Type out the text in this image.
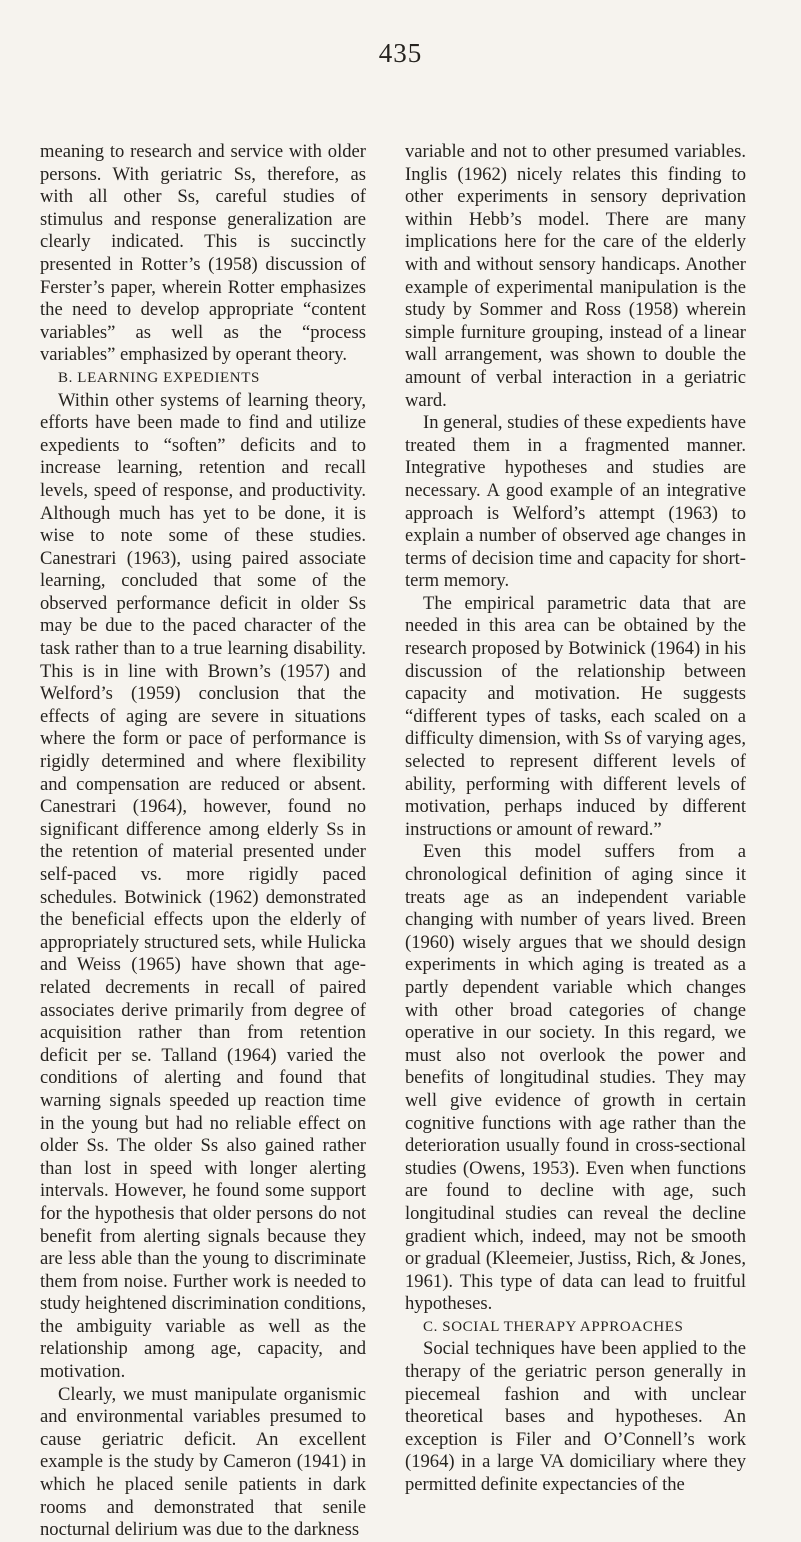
435

meaning to research and service with older persons. With geriatric Ss, therefore, as with all other Ss, careful studies of stimulus and response generalization are clearly indicated. This is succinctly presented in Rotter’s (1958) discussion of Ferster’s paper, wherein Rotter emphasizes the need to develop appropriate “content variables” as well as the “process variables” emphasized by operant theory.

B. LEARNING EXPEDIENTS

Within other systems of learning theory, efforts have been made to find and utilize expedients to “soften” deficits and to increase learning, retention and recall levels, speed of response, and productivity. Although much has yet to be done, it is wise to note some of these studies. Canestrari (1963), using paired associate learning, concluded that some of the observed performance deficit in older Ss may be due to the paced character of the task rather than to a true learning disability. This is in line with Brown’s (1957) and Welford’s (1959) conclusion that the effects of aging are severe in situations where the form or pace of performance is rigidly determined and where flexibility and compensation are reduced or absent. Canestrari (1964), however, found no significant difference among elderly Ss in the retention of material presented under self-paced vs. more rigidly paced schedules. Botwinick (1962) demonstrated the beneficial effects upon the elderly of appropriately structured sets, while Hulicka and Weiss (1965) have shown that age-related decrements in recall of paired associates derive primarily from degree of acquisition rather than from retention deficit per se. Talland (1964) varied the conditions of alerting and found that warning signals speeded up reaction time in the young but had no reliable effect on older Ss. The older Ss also gained rather than lost in speed with longer alerting intervals. However, he found some support for the hypothesis that older persons do not benefit from alerting signals because they are less able than the young to discriminate them from noise. Further work is needed to study heightened discrimination conditions, the ambiguity variable as well as the relationship among age, capacity, and motivation.

Clearly, we must manipulate organismic and environmental variables presumed to cause geriatric deficit. An excellent example is the study by Cameron (1941) in which he placed senile patients in dark rooms and demonstrated that senile nocturnal delirium was due to the darkness

variable and not to other presumed variables. Inglis (1962) nicely relates this finding to other experiments in sensory deprivation within Hebb’s model. There are many implications here for the care of the elderly with and without sensory handicaps. Another example of experimental manipulation is the study by Sommer and Ross (1958) wherein simple furniture grouping, instead of a linear wall arrangement, was shown to double the amount of verbal interaction in a geriatric ward.

In general, studies of these expedients have treated them in a fragmented manner. Integrative hypotheses and studies are necessary. A good example of an integrative approach is Welford’s attempt (1963) to explain a number of observed age changes in terms of decision time and capacity for short-term memory.

The empirical parametric data that are needed in this area can be obtained by the research proposed by Botwinick (1964) in his discussion of the relationship between capacity and motivation. He suggests “different types of tasks, each scaled on a difficulty dimension, with Ss of varying ages, selected to represent different levels of ability, performing with different levels of motivation, perhaps induced by different instructions or amount of reward.”

Even this model suffers from a chronological definition of aging since it treats age as an independent variable changing with number of years lived. Breen (1960) wisely argues that we should design experiments in which aging is treated as a partly dependent variable which changes with other broad categories of change operative in our society. In this regard, we must also not overlook the power and benefits of longitudinal studies. They may well give evidence of growth in certain cognitive functions with age rather than the deterioration usually found in cross-sectional studies (Owens, 1953). Even when functions are found to decline with age, such longitudinal studies can reveal the decline gradient which, indeed, may not be smooth or gradual (Kleemeier, Justiss, Rich, & Jones, 1961). This type of data can lead to fruitful hypotheses.

C. SOCIAL THERAPY APPROACHES

Social techniques have been applied to the therapy of the geriatric person generally in piecemeal fashion and with unclear theoretical bases and hypotheses. An exception is Filer and O’Connell’s work (1964) in a large VA domiciliary where they permitted definite expectancies of the
